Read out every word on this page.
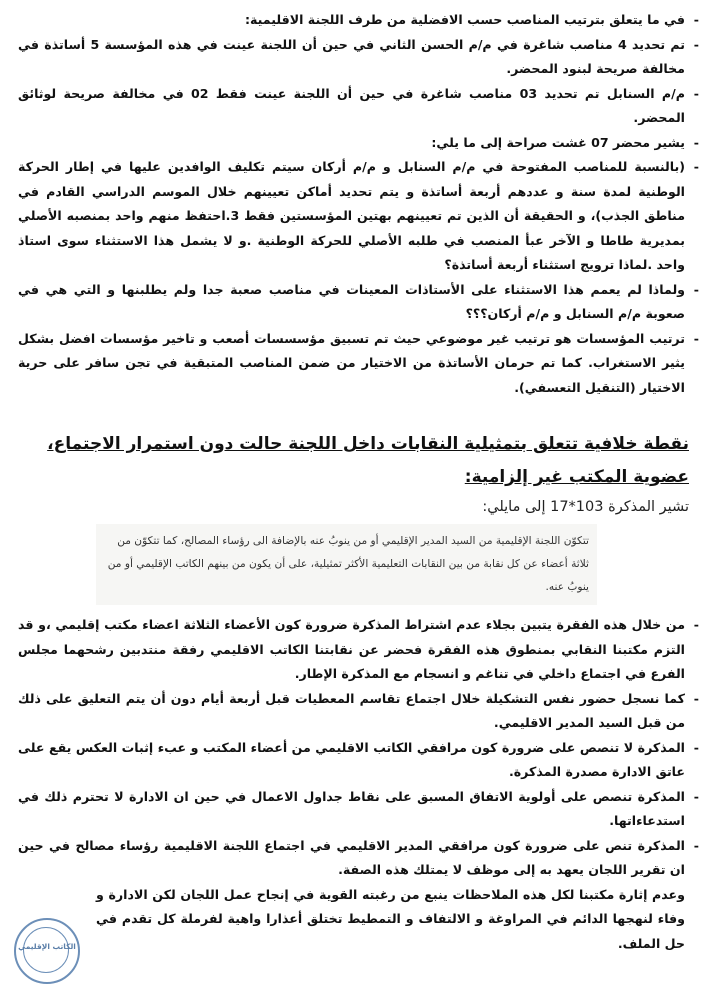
-
في ما يتعلق بترتيب المناصب حسب الافضلية من طرف اللجنة الاقليمية:
-
تم تحديد 4 مناصب شاغرة في م/م الحسن الثاني في حين أن اللجنة عينت في هذه المؤسسة 5 أساتذة في مخالفة صريحة لبنود المحضر.
-
م/م السنابل تم تحديد 03 مناصب شاغرة في حين أن اللجنة عينت فقط 02 في مخالفة صريحة لوثائق المحضر.
-
يشير محضر 07 غشت صراحة إلى ما يلي:
-
(بالنسبة للمناصب المفتوحة في م/م السنابل و م/م أركان سيتم تكليف الوافدين عليها في إطار الحركة الوطنية لمدة سنة و عددهم أربعة أساتذة و يتم تحديد أماكن تعيينهم خلال الموسم الدراسي القادم في مناطق الجذب)، و الحقيقة أن الذين تم تعيينهم بهتين المؤسستين فقط 3.احتفظ منهم واحد بمنصبه الأصلي بمديرية طاطا و الآخر عبأ المنصب في طلبه الأصلي للحركة الوطنية .و لا يشمل هذا الاستثناء سوى استاذ واحد .لماذا ترويج استثناء أربعة أساتذة؟
-
ولماذا لم يعمم هذا الاستثناء على الأستاذات المعينات في مناصب صعبة جدا ولم يطلبنها و التي هي في صعوبة م/م السنابل و م/م أركان؟؟؟
-
ترتيب المؤسسات هو ترتيب غير موضوعي حيث تم تسبيق مؤسسسات أصعب و تاخير مؤسسات افضل بشكل يثير الاستغراب. كما تم حرمان الأساتذة من الاختيار من ضمن المناصب المتبقية في تجن سافر على حرية الاختيار (التنقيل التعسفي).
نقطة خلافية تتعلق بتمثيلية النقابات داخل اللجنة حالت دون استمرار الاجتماع، عضوية المكتب غير إلزامية:

تشير المذكرة 103*17 إلى مايلي:

تتكوّن اللجنة الإقليمية من السيد المدير الإقليمي أو من ينوبُ عنه بالإضافة الى رؤساء المصالح، كما تتكوّن من ثلاثة أعضاء عن كل نقابة من بين النقابات التعليمية الأكثر تمثيلية، على أن يكون من بينهم الكاتب الإقليمي أو من ينوبُ عنه.
-
من خلال هذه الفقرة يتبين بجلاء عدم اشتراط المذكرة ضرورة كون الأعضاء الثلاثة اعضاء مكتب إقليمي ،و قد التزم مكتبنا النقابي بمنطوق هذه الفقرة فحضر عن نقابتنا الكاتب الاقليمي رفقة منتدبين رشحهما مجلس الفرع في اجتماع داخلي في تناغم و انسجام مع المذكرة الإطار.
-
كما نسجل حضور نفس التشكيلة خلال اجتماع تقاسم المعطيات قبل أربعة أيام دون أن يتم التعليق على ذلك من قبل السيد المدير الاقليمي.
-
المذكرة لا تنصص على ضرورة كون مرافقي الكاتب الاقليمي من أعضاء المكتب و عبء إثبات العكس يقع على عاتق الادارة مصدرة المذكرة.
-
المذكرة تنصص على أولوية الاتفاق المسبق على نقاط جداول الاعمال في حين ان الادارة لا تحترم ذلك في استدعاءاتها.
-
المذكرة تنص على ضرورة كون مرافقي المدير الاقليمي في اجتماع اللجنة الاقليمية رؤساء مصالح في حين ان تقرير اللجان يعهد به إلى موظف لا يمتلك هذه الصفة.

وعدم إثارة مكتبنا لكل هذه الملاحظات ينبع من رغبته القوية في إنجاح عمل اللجان لكن الادارة و وفاء لنهجها الدائم في المراوغة و الالتفاف و التمطيط تختلق أعذارا واهية لفرملة كل تقدم في حل الملف.

الكاتب الإقليمي
